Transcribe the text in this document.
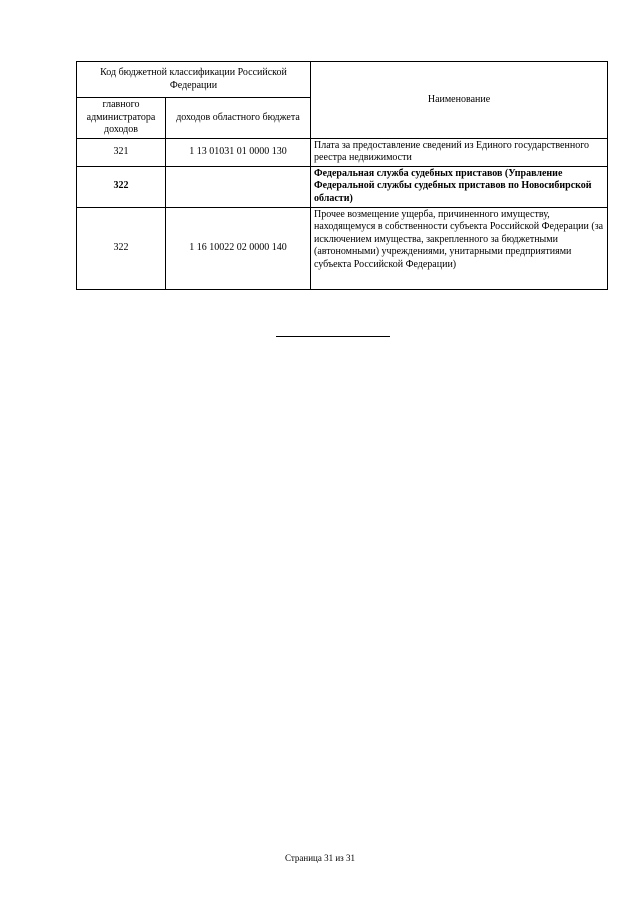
Код бюджетной классификации Российской Федерации		Наименование
главного администратора доходов	доходов областного бюджета	
321	1 13 01031 01 0000 130	Плата за предоставление сведений из Единого государственного реестра недвижимости
322		Федеральная служба судебных приставов (Управление Федеральной службы судебных приставов по Новосибирской области)
322	1 16 10022 02 0000 140	Прочее возмещение ущерба, причиненного имуществу, находящемуся в собственности субъекта Российской Федерации (за исключением имущества, закрепленного за бюджетными (автономными) учреждениями, унитарными предприятиями субъекта Российской Федерации)
Страница 31 из 31
